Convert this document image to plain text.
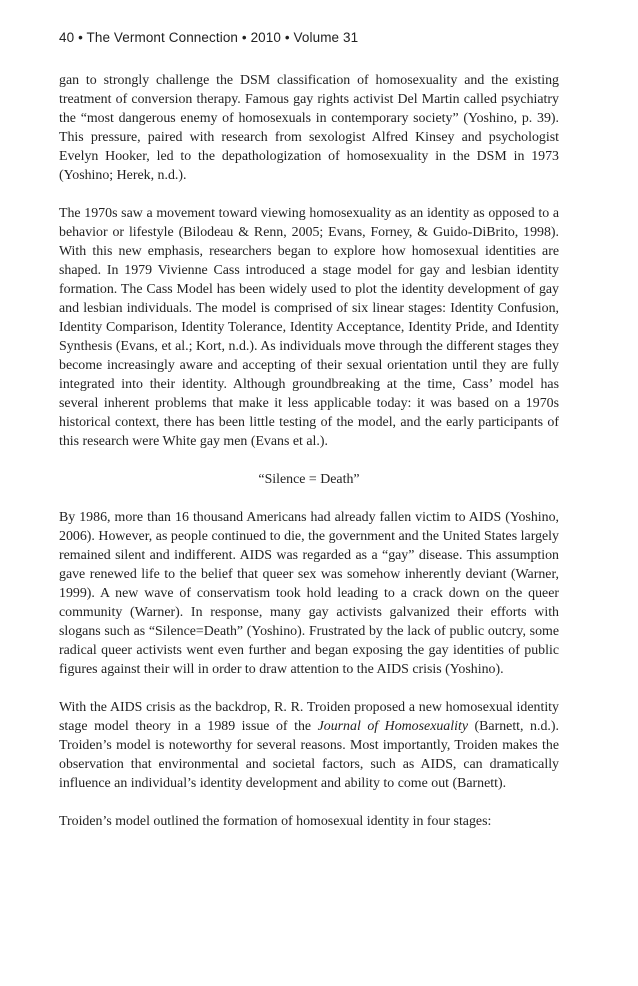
40 • The Vermont Connection • 2010 • Volume 31

gan to strongly challenge the DSM classification of homosexuality and the existing treatment of conversion therapy. Famous gay rights activist Del Martin called psychiatry the “most dangerous enemy of homosexuals in contemporary society” (Yoshino, p. 39). This pressure, paired with research from sexologist Alfred Kinsey and psychologist Evelyn Hooker, led to the depathologization of homosexuality in the DSM in 1973 (Yoshino; Herek, n.d.).

The 1970s saw a movement toward viewing homosexuality as an identity as opposed to a behavior or lifestyle (Bilodeau & Renn, 2005; Evans, Forney, & Guido-DiBrito, 1998). With this new emphasis, researchers began to explore how homosexual identities are shaped. In 1979 Vivienne Cass introduced a stage model for gay and lesbian identity formation. The Cass Model has been widely used to plot the identity development of gay and lesbian individuals. The model is comprised of six linear stages: Identity Confusion, Identity Comparison, Identity Tolerance, Identity Acceptance, Identity Pride, and Identity Synthesis (Evans, et al.; Kort, n.d.). As individuals move through the different stages they become increasingly aware and accepting of their sexual orientation until they are fully integrated into their identity. Although groundbreaking at the time, Cass’ model has several inherent problems that make it less applicable today: it was based on a 1970s historical context, there has been little testing of the model, and the early participants of this research were White gay men (Evans et al.).

“Silence = Death”

By 1986, more than 16 thousand Americans had already fallen victim to AIDS (Yoshino, 2006). However, as people continued to die, the government and the United States largely remained silent and indifferent. AIDS was regarded as a “gay” disease. This assumption gave renewed life to the belief that queer sex was somehow inherently deviant (Warner, 1999). A new wave of conservatism took hold leading to a crack down on the queer community (Warner). In response, many gay activists galvanized their efforts with slogans such as “Silence=Death” (Yoshino). Frustrated by the lack of public outcry, some radical queer activists went even further and began exposing the gay identities of public figures against their will in order to draw attention to the AIDS crisis (Yoshino).

With the AIDS crisis as the backdrop, R. R. Troiden proposed a new homosexual identity stage model theory in a 1989 issue of the Journal of Homosexuality (Barnett, n.d.). Troiden’s model is noteworthy for several reasons. Most importantly, Troiden makes the observation that environmental and societal factors, such as AIDS, can dramatically influence an individual’s identity development and ability to come out (Barnett).

Troiden’s model outlined the formation of homosexual identity in four stages:
